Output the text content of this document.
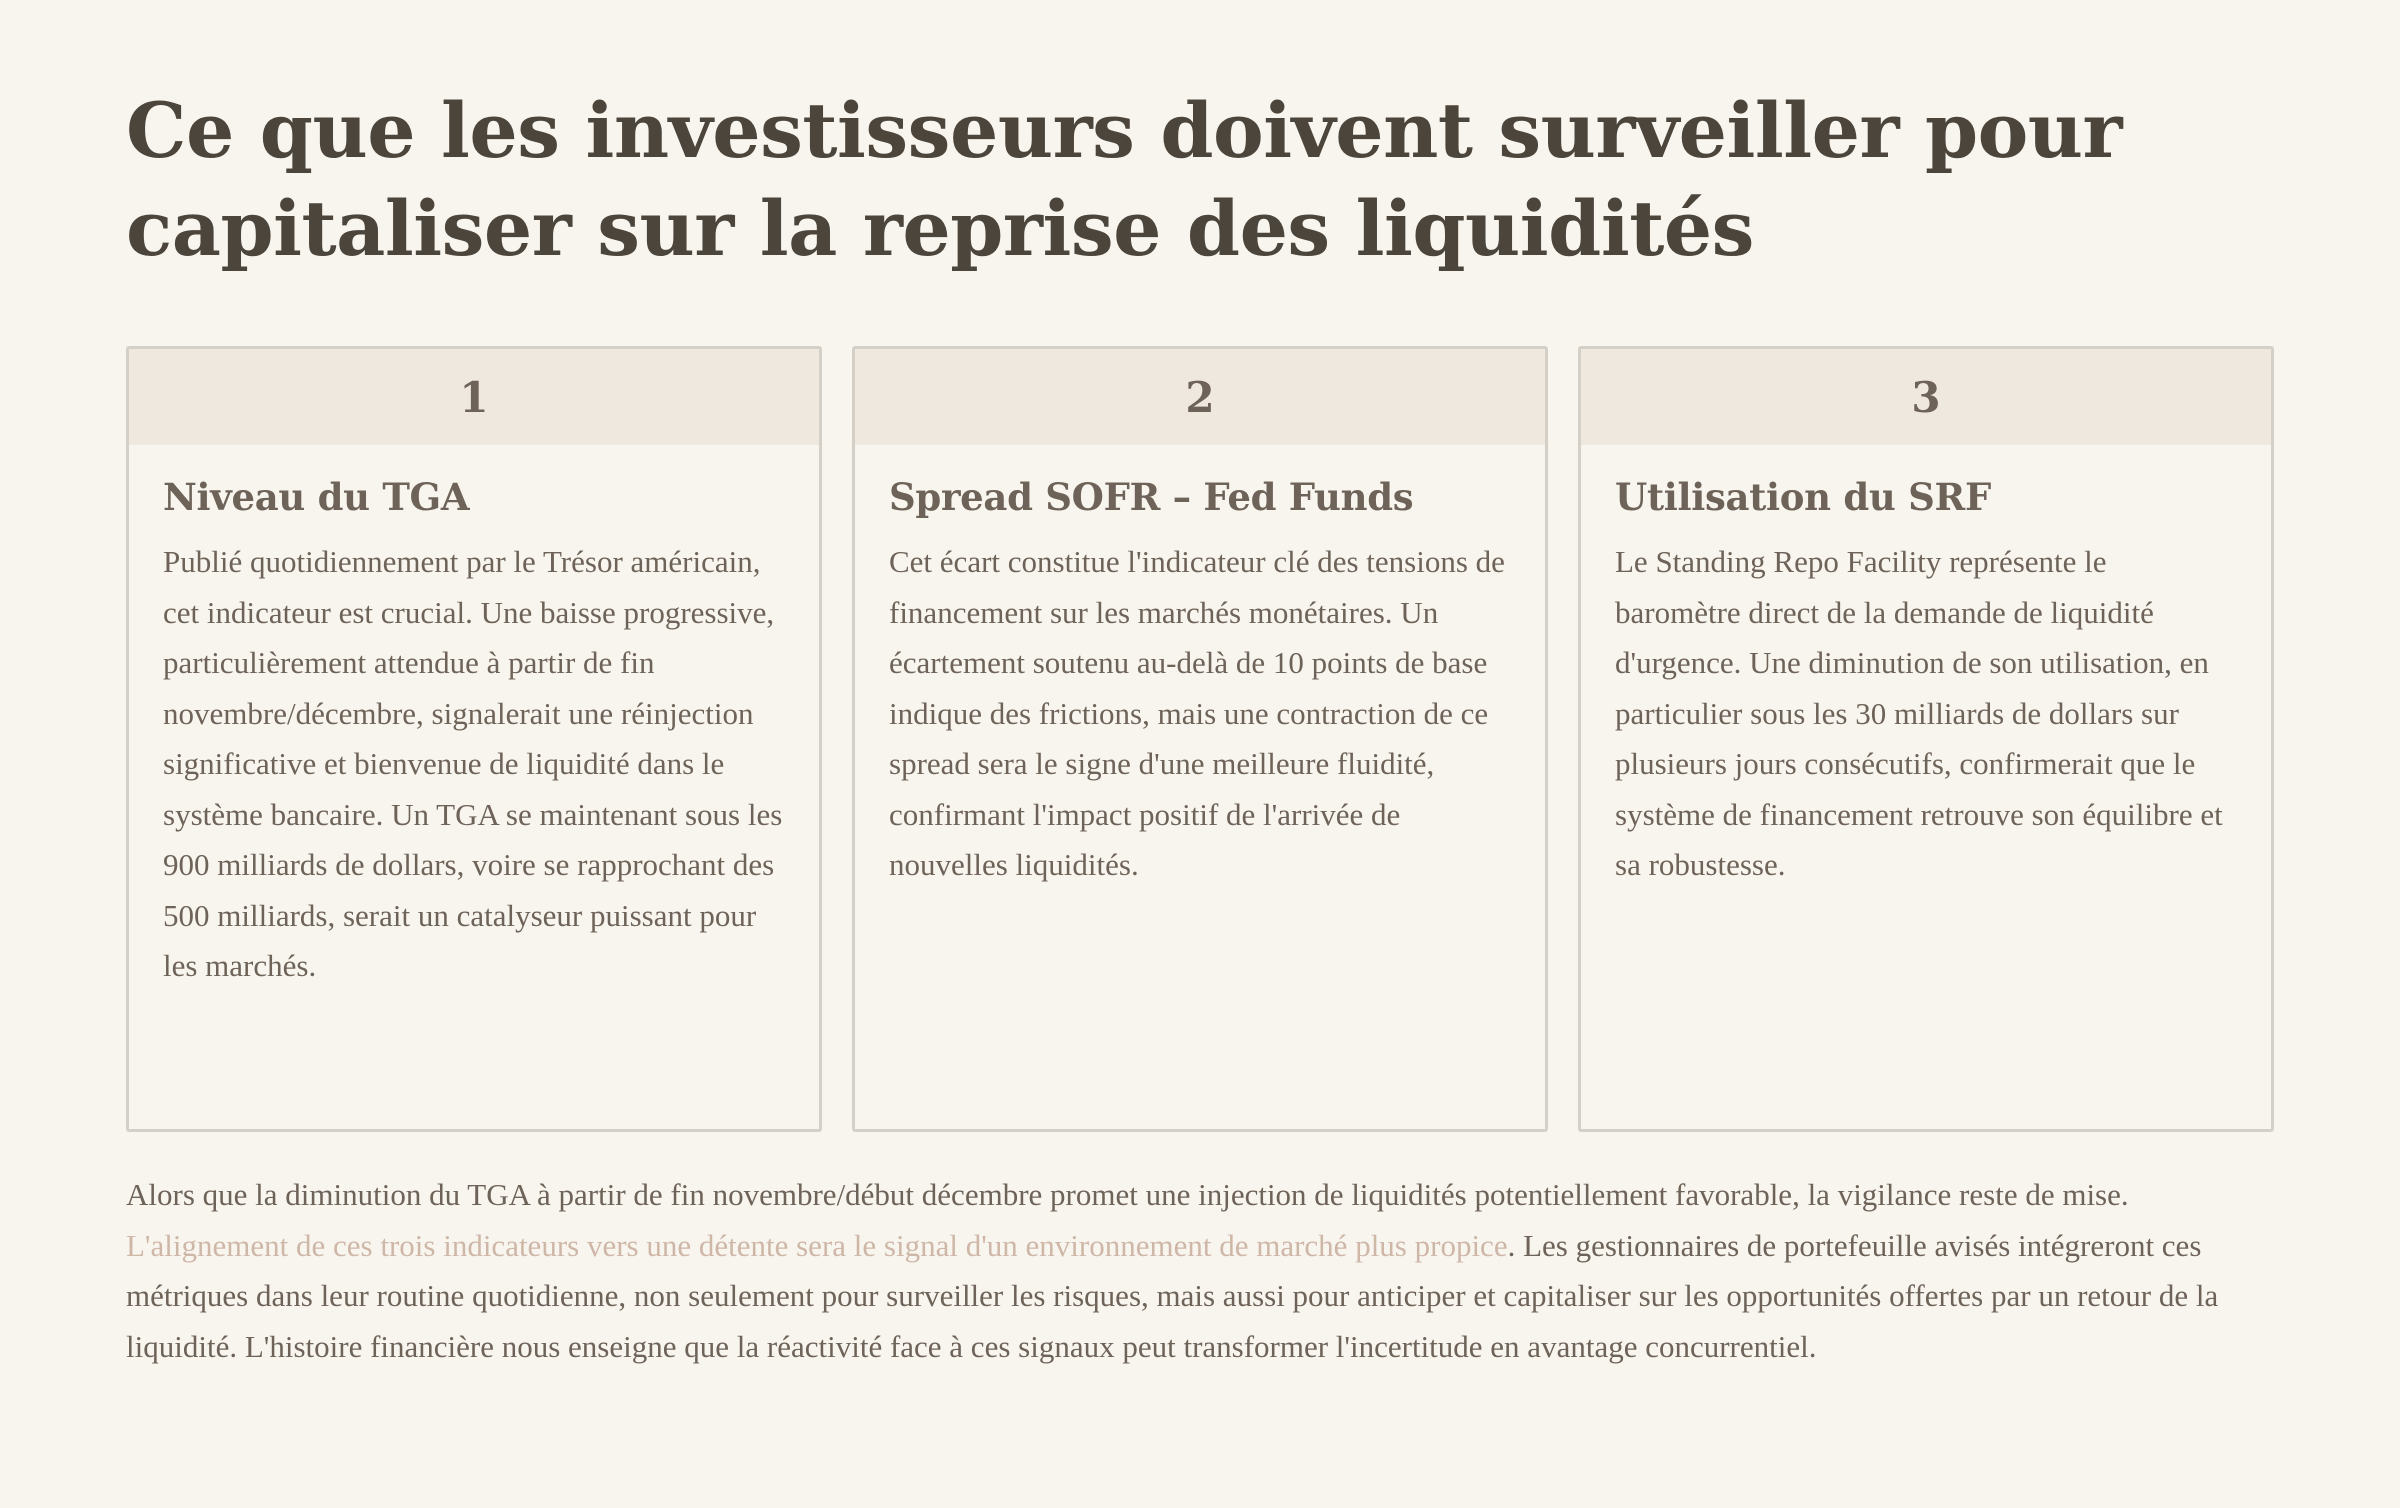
Ce que les investisseurs doivent surveiller pour capitaliser sur la reprise des liquidités
1
Niveau du TGA

Publié quotidiennement par le Trésor américain, cet indicateur est crucial. Une baisse progressive, particulièrement attendue à partir de fin novembre/décembre, signalerait une réinjection significative et bienvenue de liquidité dans le système bancaire. Un TGA se maintenant sous les 900 milliards de dollars, voire se rapprochant des 500 milliards, serait un catalyseur puissant pour les marchés.

2
Spread SOFR – Fed Funds

Cet écart constitue l'indicateur clé des tensions de financement sur les marchés monétaires. Un écartement soutenu au-delà de 10 points de base indique des frictions, mais une contraction de ce spread sera le signe d'une meilleure fluidité, confirmant l'impact positif de l'arrivée de nouvelles liquidités.

3
Utilisation du SRF

Le Standing Repo Facility représente le baromètre direct de la demande de liquidité d'urgence. Une diminution de son utilisation, en particulier sous les 30 milliards de dollars sur plusieurs jours consécutifs, confirmerait que le système de financement retrouve son équilibre et sa robustesse.

Alors que la diminution du TGA à partir de fin novembre/début décembre promet une injection de liquidités potentiellement favorable, la vigilance reste de mise. L'alignement de ces trois indicateurs vers une détente sera le signal d'un environnement de marché plus propice. Les gestionnaires de portefeuille avisés intégreront ces métriques dans leur routine quotidienne, non seulement pour surveiller les risques, mais aussi pour anticiper et capitaliser sur les opportunités offertes par un retour de la liquidité. L'histoire financière nous enseigne que la réactivité face à ces signaux peut transformer l'incertitude en avantage concurrentiel.
